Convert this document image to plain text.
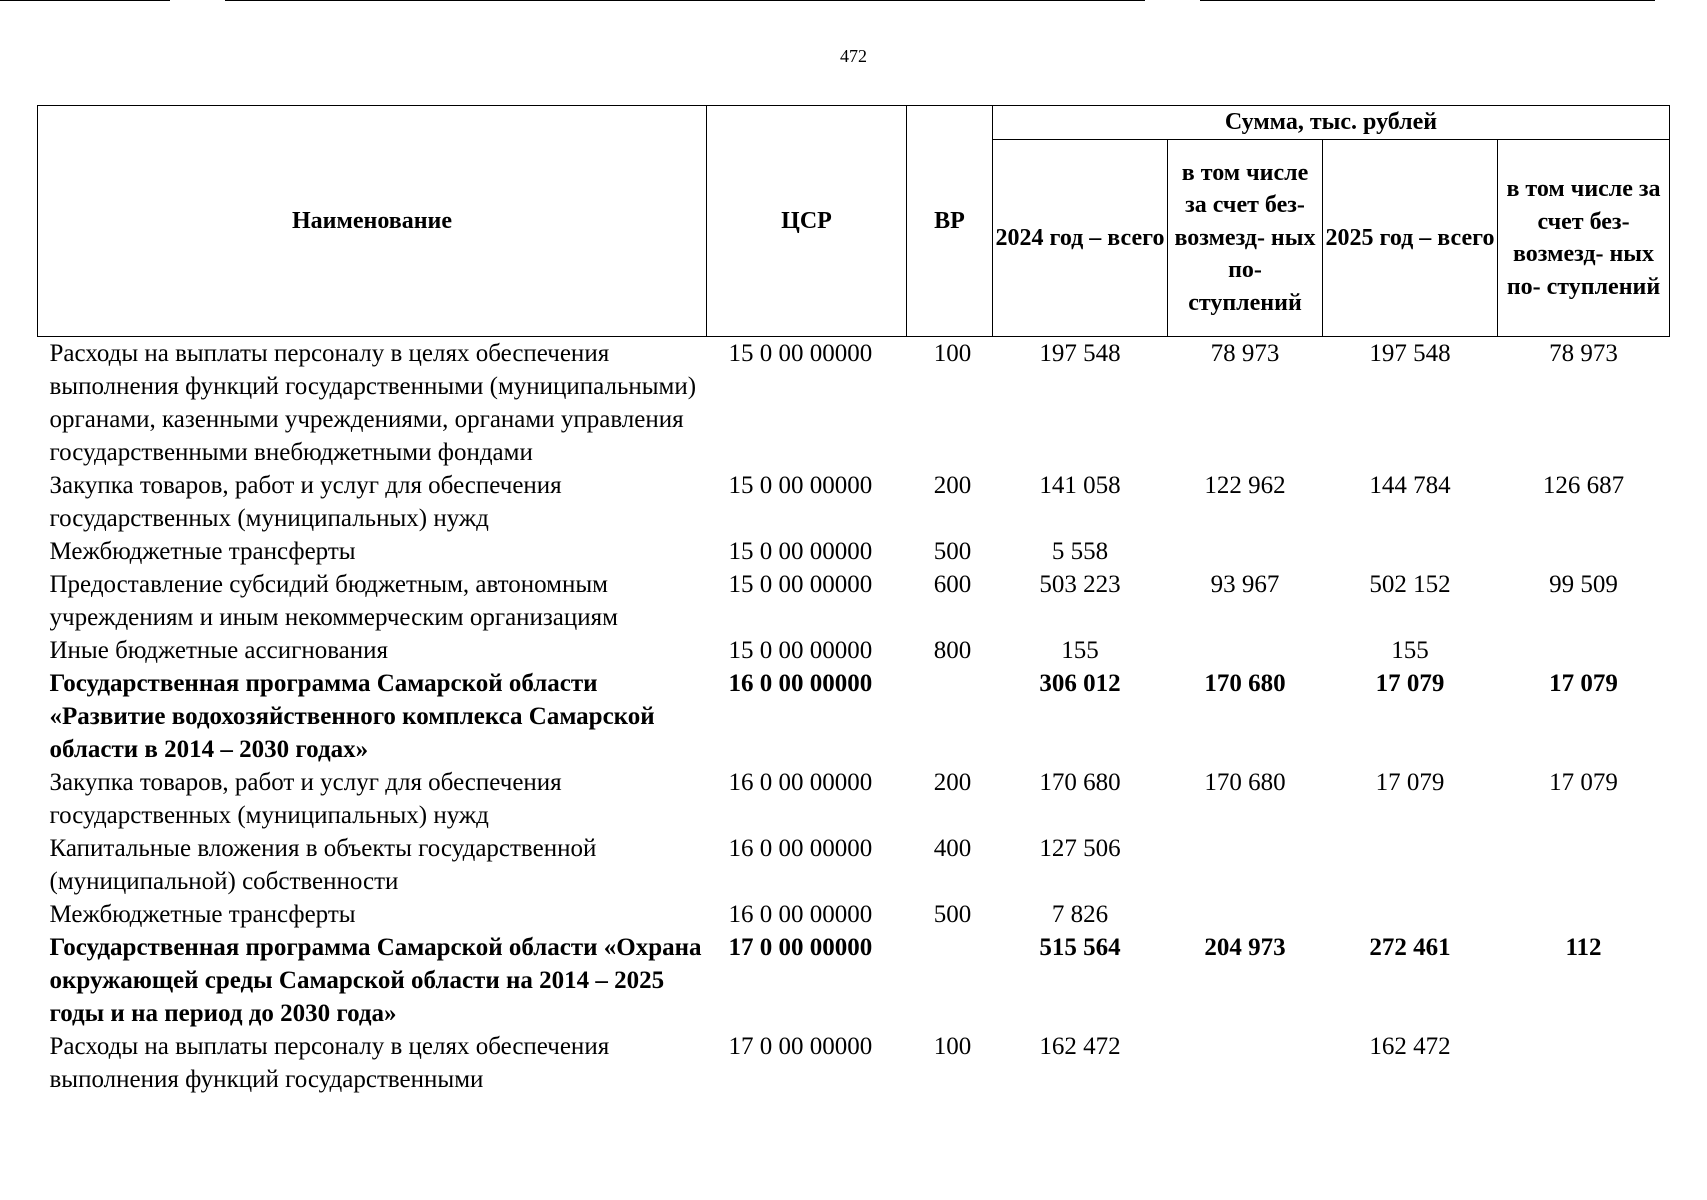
472
Наименование	ЦСР	ВР	Сумма, тыс. рублей			
			2024 год – всего	в том числе за счет без- возмезд- ных по- ступлений	2025 год – всего	в том числе за счет без- возмезд- ных по- ступлений
Расходы на выплаты персоналу в целях обеспечения выполнения функций государственными (муниципальными) органами, казенными учреждениями, органами управления государственными внебюджетными фондами	15 0 00 00000	100	197 548	78 973	197 548	78 973
Закупка товаров, работ и услуг для обеспечения государственных (муниципальных) нужд	15 0 00 00000	200	141 058	122 962	144 784	126 687
Межбюджетные трансферты	15 0 00 00000	500	5 558			
Предоставление субсидий бюджетным, автономным учреждениям и иным некоммерческим организациям	15 0 00 00000	600	503 223	93 967	502 152	99 509
Иные бюджетные ассигнования	15 0 00 00000	800	155		155	
Государственная программа Самарской области «Развитие водохозяйственного комплекса Самарской области в 2014 – 2030 годах»	16 0 00 00000		306 012	170 680	17 079	17 079
Закупка товаров, работ и услуг для обеспечения государственных (муниципальных) нужд	16 0 00 00000	200	170 680	170 680	17 079	17 079
Капитальные вложения в объекты государственной (муниципальной) собственности	16 0 00 00000	400	127 506			
Межбюджетные трансферты	16 0 00 00000	500	7 826			
Государственная программа Самарской области «Охрана окружающей среды Самарской области на 2014 – 2025 годы и на период до 2030 года»	17 0 00 00000		515 564	204 973	272 461	112
Расходы на выплаты персоналу в целях обеспечения выполнения функций государственными	17 0 00 00000	100	162 472		162 472	
